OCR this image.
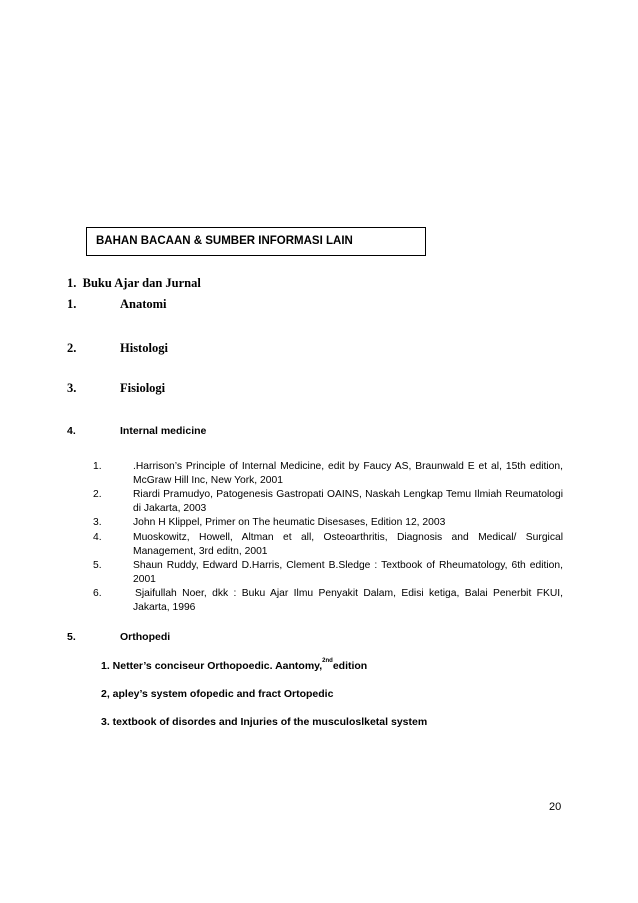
BAHAN BACAAN & SUMBER INFORMASI LAIN
1.  Buku Ajar dan Jurnal
1.	Anatomi
2.	Histologi
3.	Fisiologi
4.	Internal medicine
1.	.Harrison’s Principle of Internal Medicine, edit by Faucy AS, Braunwald E et al, 15th edition,
McGraw Hill Inc, New York, 2001
2.	Riardi Pramudyo, Patogenesis Gastropati OAINS, Naskah Lengkap Temu Ilmiah Reumatologi
di Jakarta, 2003
3.	John H Klippel, Primer on The heumatic Disesases, Edition 12, 2003
4.	Muoskowitz, Howell, Altman et all, Osteoarthritis, Diagnosis and Medical/ Surgical
Management, 3rd editn, 2001
5.	Shaun Ruddy, Edward D.Harris, Clement B.Sledge : Textbook of Rheumatology, 6th edition,
2001
6.	Sjaifullah Noer, dkk : Buku Ajar Ilmu Penyakit Dalam, Edisi ketiga, Balai Penerbit FKUI,
Jakarta, 1996
5.	Orthopedi
1. Netter’s conciseur Orthopoedic. Aantomy,$^{2nd}$edition
2, apley’s system ofopedic and fract Ortopedic
3. textbook of disordes and Injuries of the musculoslketal system
20
